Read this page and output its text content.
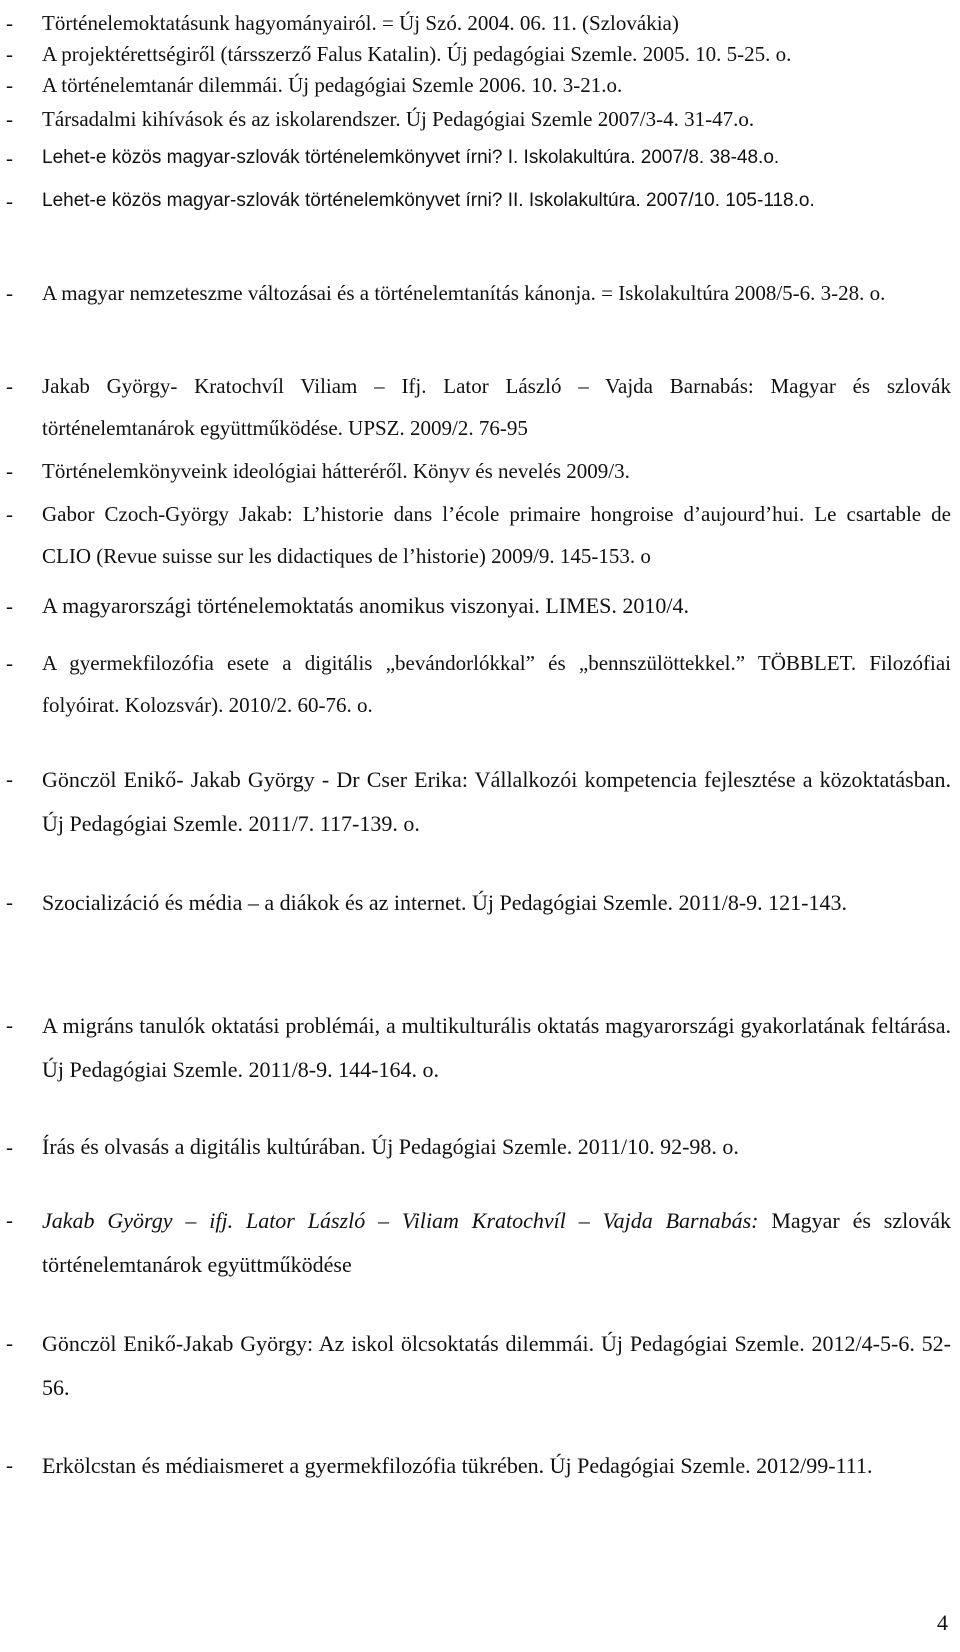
- Történelemoktatásunk hagyományairól. = Új Szó. 2004. 06. 11. (Szlovákia)
- A projektérettségiről (társszerző Falus Katalin). Új pedagógiai Szemle. 2005. 10. 5-25. o.
- A történelemtanár dilemmái. Új pedagógiai Szemle 2006. 10. 3-21.o.
- Társadalmi kihívások és az iskolarendszer. Új Pedagógiai Szemle 2007/3-4. 31-47.o.
- Lehet-e közös magyar-szlovák történelemkönyvet írni? I. Iskolakultúra. 2007/8. 38-48.o.
- Lehet-e közös magyar-szlovák történelemkönyvet írni? II. Iskolakultúra. 2007/10. 105-118.o.
- A magyar nemzeteszme változásai és a történelemtanítás kánonja. = Iskolakultúra 2008/5-6. 3-28. o.
- Jakab György- Kratochvíl Viliam – Ifj. Lator László – Vajda Barnabás: Magyar és szlovák történelemtanárok együttműködése. UPSZ. 2009/2. 76-95
- Történelemkönyveink ideológiai hátteréről. Könyv és nevelés 2009/3.
- Gabor Czoch-György Jakab: L’historie dans l’école primaire hongroise d’aujourd’hui. Le csartable de CLIO (Revue suisse sur les didactiques de l’historie) 2009/9. 145-153. o
- A magyarországi történelemoktatás anomikus viszonyai. LIMES. 2010/4.
- A gyermekfilozófia esete a digitális „bevándorlókkal” és „bennszülöttekkel.” TÖBBLET. Filozófiai folyóirat. Kolozsvár). 2010/2. 60-76. o.
- Gönczöl Enikő- Jakab György - Dr Cser Erika: Vállalkozói kompetencia fejlesztése a közoktatásban. Új Pedagógiai Szemle. 2011/7. 117-139. o.
- Szocializáció és média – a diákok és az internet. Új Pedagógiai Szemle. 2011/8-9. 121-143.
- A migráns tanulók oktatási problémái, a multikulturális oktatás magyarországi gyakorlatának feltárása. Új Pedagógiai Szemle. 2011/8-9. 144-164. o.
- Írás és olvasás a digitális kultúrában. Új Pedagógiai Szemle. 2011/10. 92-98. o.
- Jakab György – ifj. Lator László – Viliam Kratochvíl – Vajda Barnabás: Magyar és szlovák történelemtanárok együttműködése
- Gönczöl Enikő-Jakab György: Az iskol ölcsoktatás dilemmái. Új Pedagógiai Szemle. 2012/4-5-6. 52-56.
- Erkölcstan és médiaismeret a gyermekfilozófia tükrében. Új Pedagógiai Szemle. 2012/99-111.
4
